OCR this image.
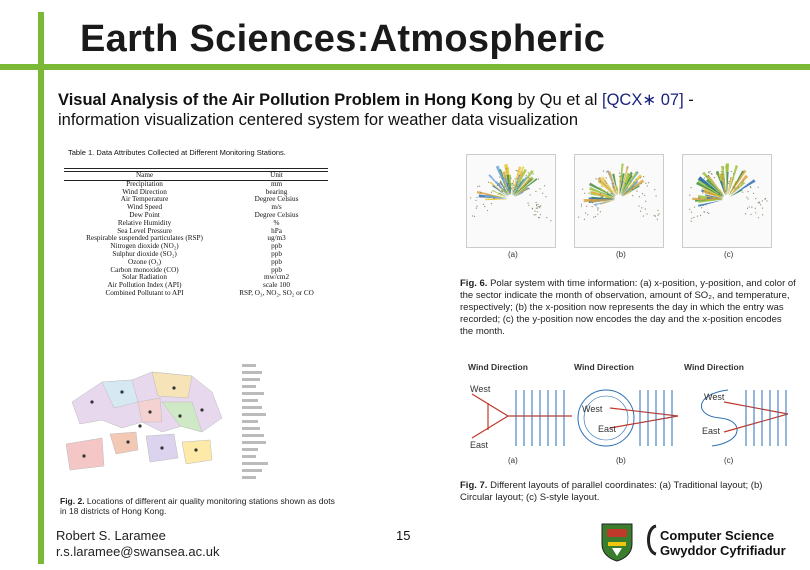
Earth Sciences:Atmospheric
Visual Analysis of the Air Pollution Problem in Hong Kong by Qu et al [QCX∗ 07] -
information visualization centered system for weather data visualization
Table 1. Data Attributes Collected at Different Monitoring Stations.
Name	Unit
Precipitation	mm
Wind Direction	bearing
Air Temperature	Degree Celsius
Wind Speed	m/s
Dew Point	Degree Celsius
Relative Humidity	%
Sea Level Pressure	hPa
Respirable suspended particulates (RSP)	ug/m3
Nitrogen dioxide (NO₂)	ppb
Sulphur dioxide (SO₂)	ppb
Ozone (O₃)	ppb
Carbon monoxide (CO)	ppb
Solar Radiation	mw/cm2
Air Pollution Index (API)	scale 100
Combined Pollutant to API	RSP, O₃, NO₂, SO₂ or CO
(a)	(b)	(c)
Fig. 6. Polar system with time information: (a) x-position, y-position, and color of the sector indicate the month of observation, amount of SO₂, and temperature, respectively; (b) the x-position now represents the day in which the entry was recorded; (c) the y-position now encodes the day and the x-position encodes the month.
Wind Direction
West
East
Wind Direction
West
East
Wind Direction
West
East
(a)	(b)	(c)
Fig. 7. Different layouts of parallel coordinates: (a) Traditional layout; (b) Circular layout; (c) S-style layout.
Fig. 2. Locations of different air quality monitoring stations shown as dots in 18 districts of Hong Kong.
Robert S. Laramee
r.s.laramee@swansea.ac.uk
15	Computer Science
Gwyddor Cyfrifiadur
